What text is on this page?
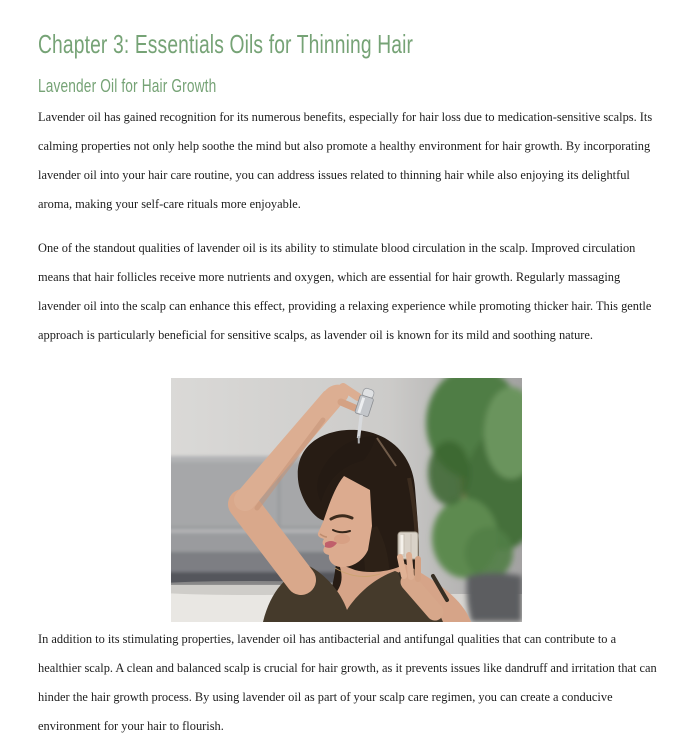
Chapter 3: Essentials Oils for Thinning Hair
Lavender Oil for Hair Growth

Lavender oil has gained recognition for its numerous benefits, especially for hair loss due to medication-sensitive scalps. Its calming properties not only help soothe the mind but also promote a healthy environment for hair growth. By incorporating lavender oil into your hair care routine, you can address issues related to thinning hair while also enjoying its delightful aroma, making your self-care rituals more enjoyable.

One of the standout qualities of lavender oil is its ability to stimulate blood circulation in the scalp. Improved circulation means that hair follicles receive more nutrients and oxygen, which are essential for hair growth. Regularly massaging lavender oil into the scalp can enhance this effect, providing a relaxing experience while promoting thicker hair. This gentle approach is particularly beneficial for sensitive scalps, as lavender oil is known for its mild and soothing nature.

In addition to its stimulating properties, lavender oil has antibacterial and antifungal qualities that can contribute to a healthier scalp. A clean and balanced scalp is crucial for hair growth, as it prevents issues like dandruff and irritation that can hinder the hair growth process. By using lavender oil as part of your scalp care regimen, you can create a conducive environment for your hair to flourish.
